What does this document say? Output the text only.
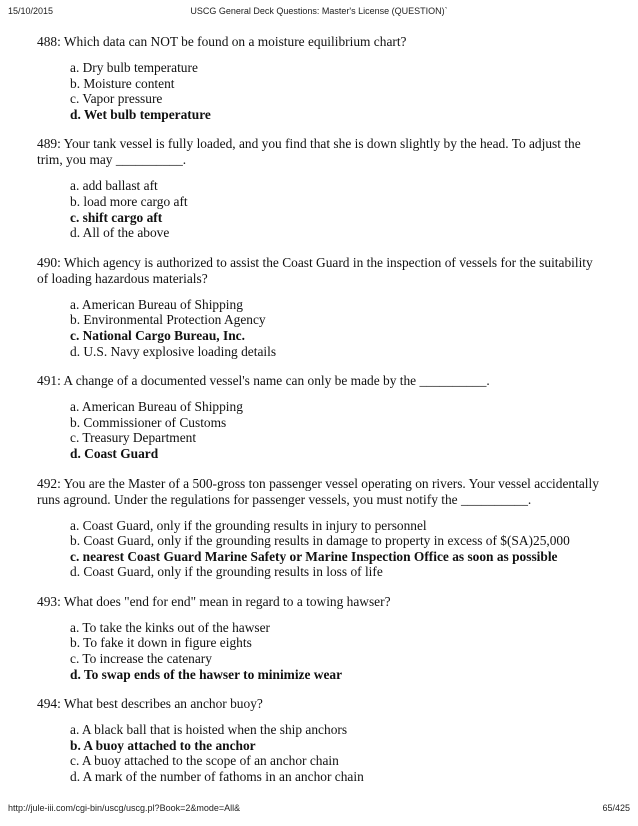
15/10/2015	USCG General Deck Questions: Master's License (QUESTION)`
488: Which data can NOT be found on a moisture equilibrium chart?
a. Dry bulb temperature
b. Moisture content
c. Vapor pressure
d. Wet bulb temperature
489: Your tank vessel is fully loaded, and you find that she is down slightly by the head. To adjust the trim, you may __________.
a. add ballast aft
b. load more cargo aft
c. shift cargo aft
d. All of the above
490: Which agency is authorized to assist the Coast Guard in the inspection of vessels for the suitability of loading hazardous materials?
a. American Bureau of Shipping
b. Environmental Protection Agency
c. National Cargo Bureau, Inc.
d. U.S. Navy explosive loading details
491: A change of a documented vessel's name can only be made by the __________.
a. American Bureau of Shipping
b. Commissioner of Customs
c. Treasury Department
d. Coast Guard
492: You are the Master of a 500-gross ton passenger vessel operating on rivers. Your vessel accidentally runs aground. Under the regulations for passenger vessels, you must notify the __________.
a. Coast Guard, only if the grounding results in injury to personnel
b. Coast Guard, only if the grounding results in damage to property in excess of $(SA)25,000
c. nearest Coast Guard Marine Safety or Marine Inspection Office as soon as possible
d. Coast Guard, only if the grounding results in loss of life
493: What does "end for end" mean in regard to a towing hawser?
a. To take the kinks out of the hawser
b. To fake it down in figure eights
c. To increase the catenary
d. To swap ends of the hawser to minimize wear
494: What best describes an anchor buoy?
a. A black ball that is hoisted when the ship anchors
b. A buoy attached to the anchor
c. A buoy attached to the scope of an anchor chain
d. A mark of the number of fathoms in an anchor chain
http://jule-iii.com/cgi-bin/uscg/uscg.pl?Book=2&mode=All&	65/425
